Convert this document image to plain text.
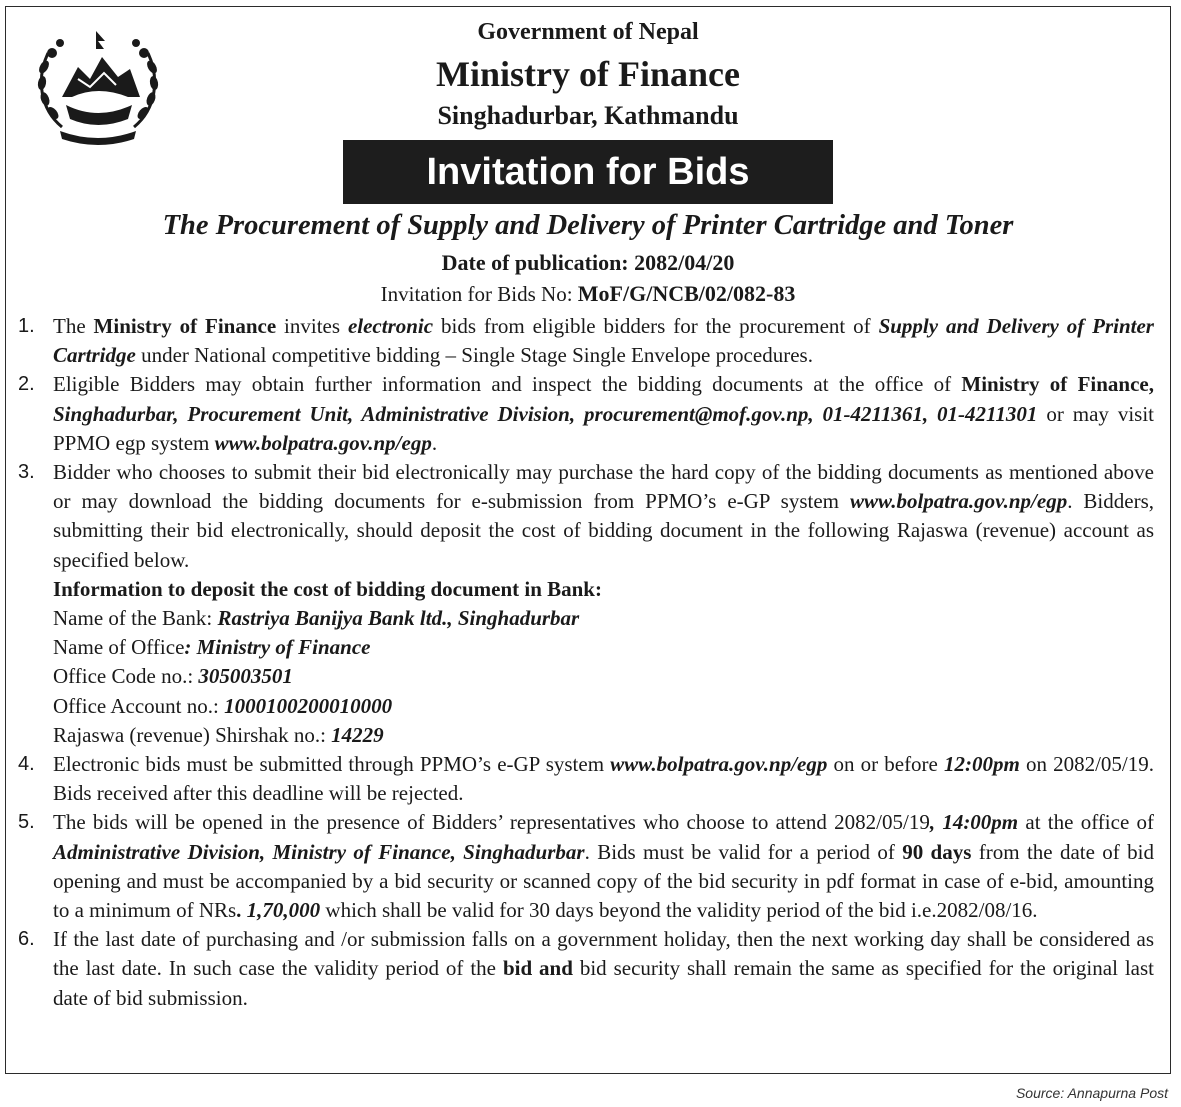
Government of Nepal
Ministry of Finance
Singhadurbar, Kathmandu
Invitation for Bids
The Procurement of Supply and Delivery of Printer Cartridge and Toner
Date of publication: 2082/04/20
Invitation for Bids No: MoF/G/NCB/02/082-83
1. The Ministry of Finance invites electronic bids from eligible bidders for the procurement of Supply and Delivery of Printer Cartridge under National competitive bidding – Single Stage Single Envelope procedures.
2. Eligible Bidders may obtain further information and inspect the bidding documents at the office of Ministry of Finance, Singhadurbar, Procurement Unit, Administrative Division, procurement@mof.gov.np, 01-4211361, 01-4211301 or may visit PPMO egp system www.bolpatra.gov.np/egp.
3. Bidder who chooses to submit their bid electronically may purchase the hard copy of the bidding documents as mentioned above or may download the bidding documents for e-submission from PPMO’s e-GP system www.bolpatra.gov.np/egp. Bidders, submitting their bid electronically, should deposit the cost of bidding document in the following Rajaswa (revenue) account as specified below.
Information to deposit the cost of bidding document in Bank:
Name of the Bank: Rastriya Banijya Bank ltd., Singhadurbar
Name of Office: Ministry of Finance
Office Code no.: 305003501
Office Account no.: 1000100200010000
Rajaswa (revenue) Shirshak no.: 14229
4. Electronic bids must be submitted through PPMO’s e-GP system www.bolpatra.gov.np/egp on or before 12:00pm on 2082/05/19. Bids received after this deadline will be rejected.
5. The bids will be opened in the presence of Bidders’ representatives who choose to attend 2082/05/19, 14:00pm at the office of Administrative Division, Ministry of Finance, Singhadurbar. Bids must be valid for a period of 90 days from the date of bid opening and must be accompanied by a bid security or scanned copy of the bid security in pdf format in case of e-bid, amounting to a minimum of NRs. 1,70,000 which shall be valid for 30 days beyond the validity period of the bid i.e.2082/08/16.
6. If the last date of purchasing and /or submission falls on a government holiday, then the next working day shall be considered as the last date. In such case the validity period of the bid and bid security shall remain the same as specified for the original last date of bid submission.
Source: Annapurna Post
